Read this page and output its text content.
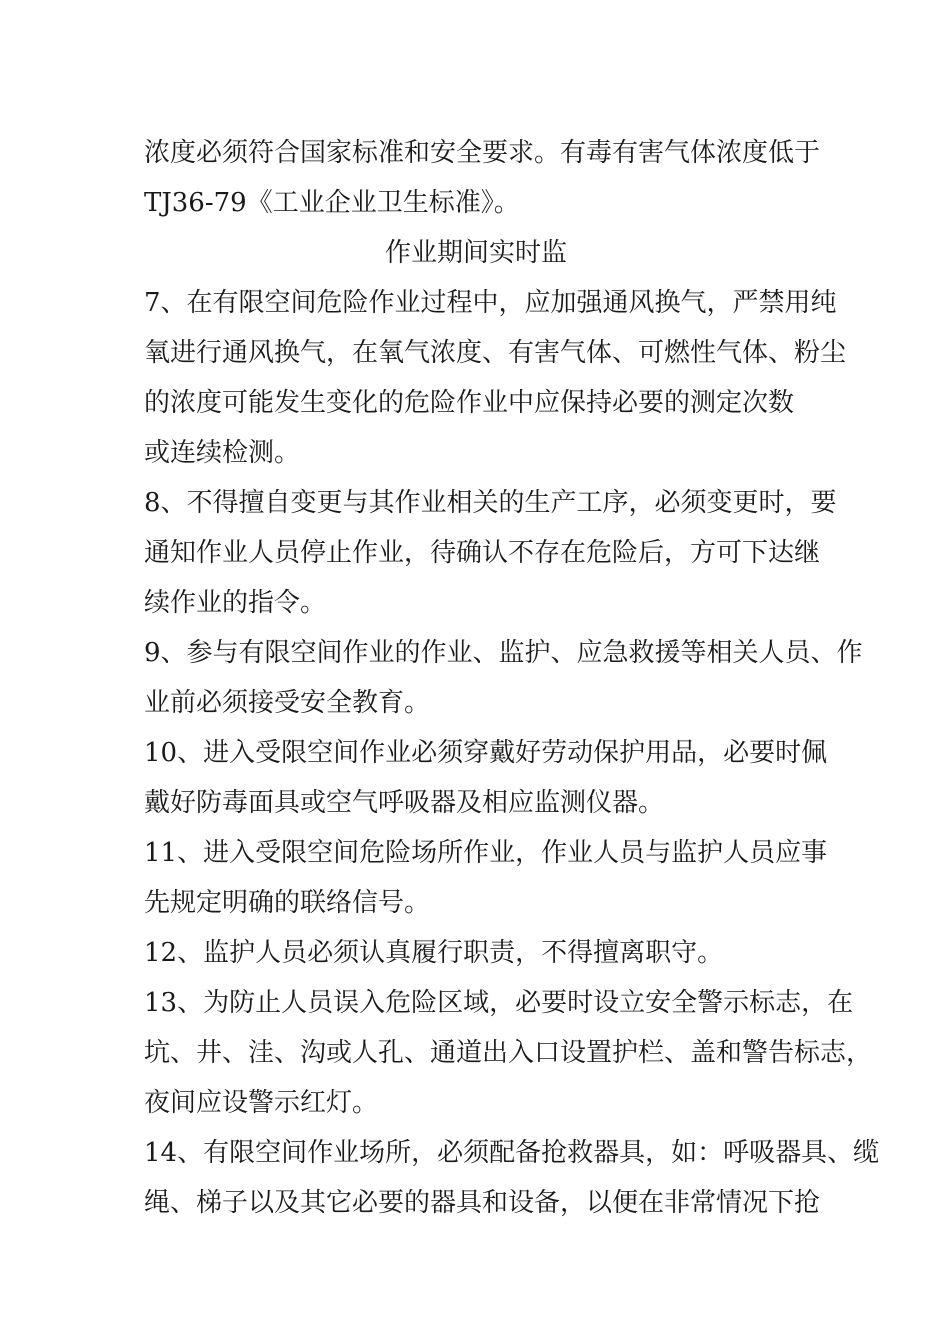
浓度必须符合国家标准和安全要求。有毒有害气体浓度低于
TJ36-79《工业企业卫生标准》。
作业期间实时监
7、在有限空间危险作业过程中，应加强通风换气，严禁用纯
氧进行通风换气，在氧气浓度、有害气体、可燃性气体、粉尘
的浓度可能发生变化的危险作业中应保持必要的测定次数
或连续检测。
8、不得擅自变更与其作业相关的生产工序，必须变更时，要
通知作业人员停止作业，待确认不存在危险后，方可下达继
续作业的指令。
9、参与有限空间作业的作业、监护、应急救援等相关人员、作
业前必须接受安全教育。
10、进入受限空间作业必须穿戴好劳动保护用品，必要时佩
戴好防毒面具或空气呼吸器及相应监测仪器。
11、进入受限空间危险场所作业，作业人员与监护人员应事
先规定明确的联络信号。
12、监护人员必须认真履行职责，不得擅离职守。
13、为防止人员误入危险区域，必要时设立安全警示标志，在
坑、井、洼、沟或人孔、通道出入口设置护栏、盖和警告标志，
夜间应设警示红灯。
14、有限空间作业场所，必须配备抢救器具，如：呼吸器具、缆
绳、梯子以及其它必要的器具和设备，以便在非常情况下抢
